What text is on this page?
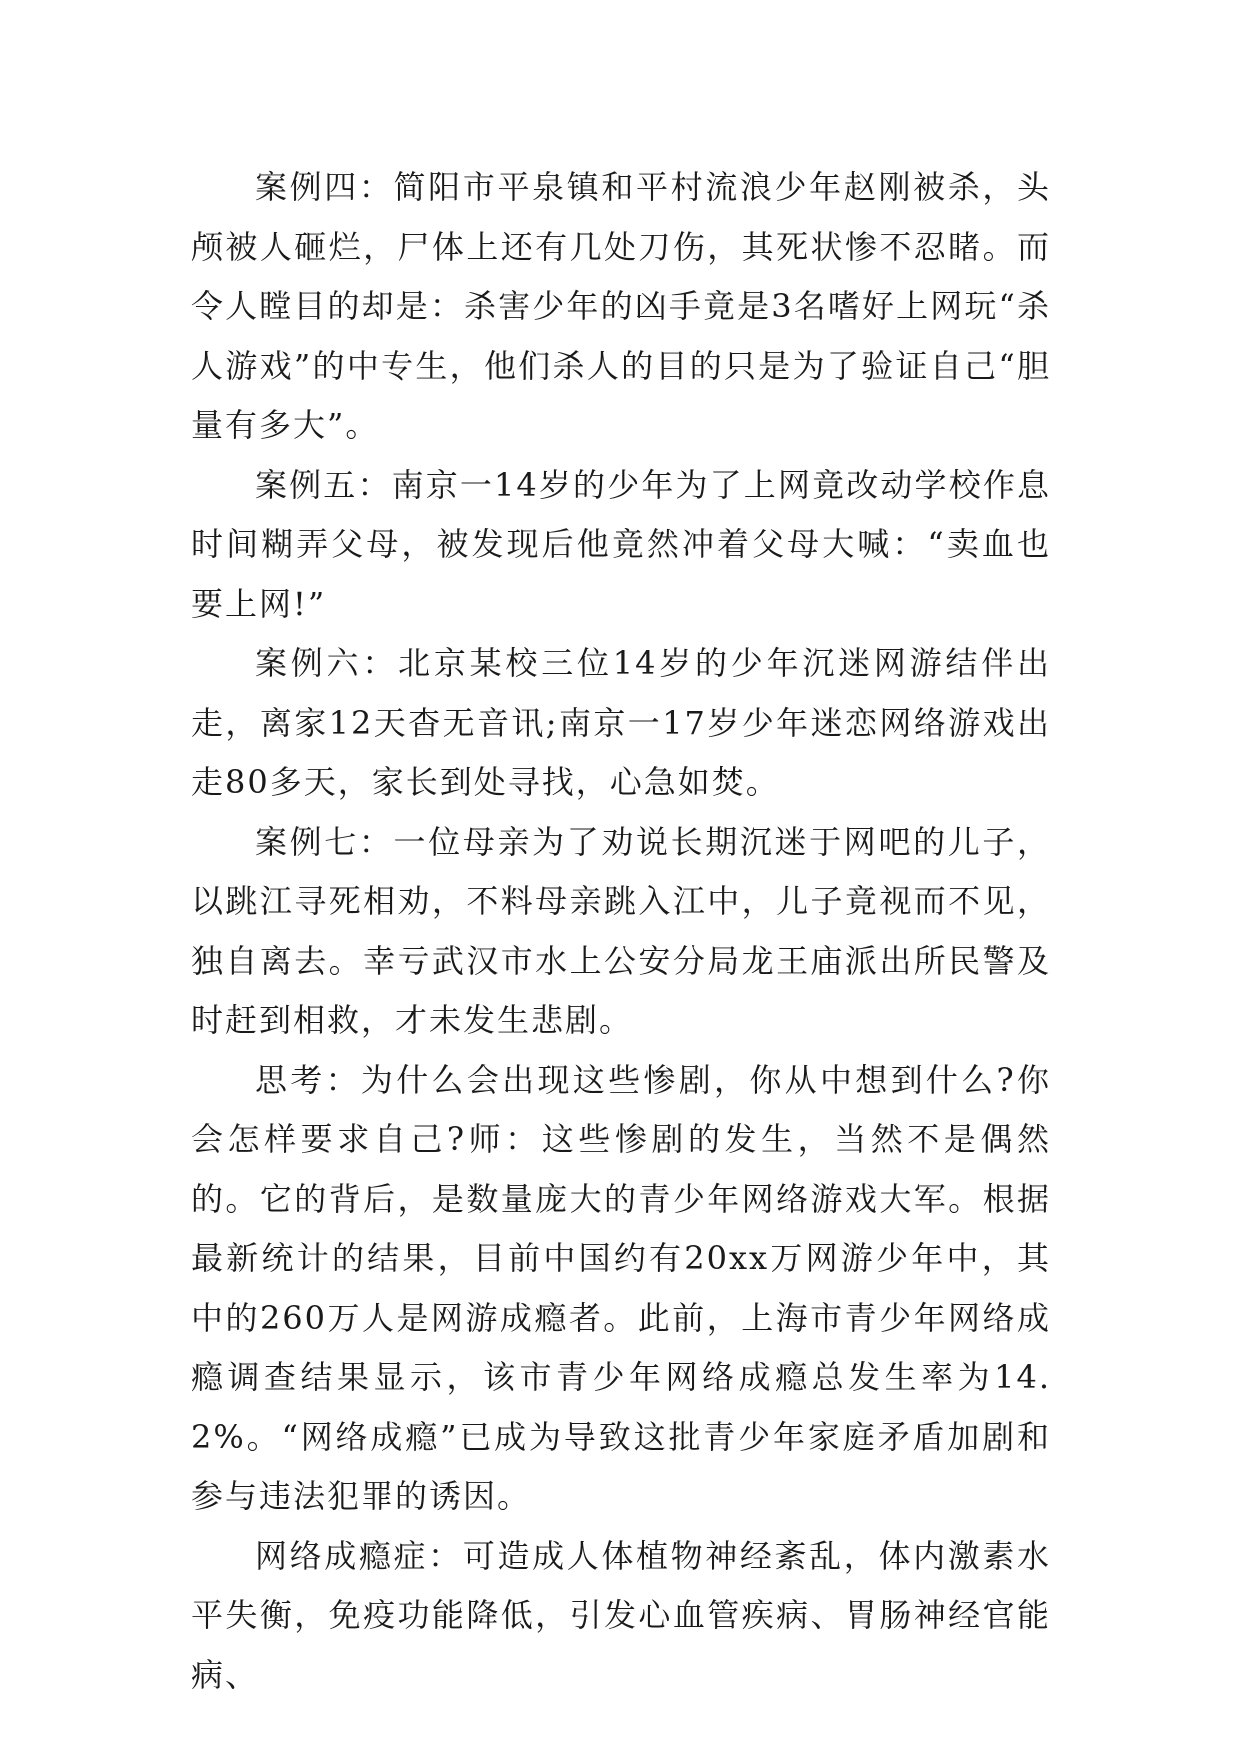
案例四：简阳市平泉镇和平村流浪少年赵刚被杀，头颅被人砸烂，尸体上还有几处刀伤，其死状惨不忍睹。而令人瞠目的却是：杀害少年的凶手竟是3名嗜好上网玩“杀人游戏”的中专生，他们杀人的目的只是为了验证自己“胆量有多大”。

案例五：南京一14岁的少年为了上网竟改动学校作息时间糊弄父母，被发现后他竟然冲着父母大喊：“卖血也要上网!”

案例六：北京某校三位14岁的少年沉迷网游结伴出走，离家12天杳无音讯;南京一17岁少年迷恋网络游戏出走80多天，家长到处寻找，心急如焚。

案例七：一位母亲为了劝说长期沉迷于网吧的儿子，以跳江寻死相劝，不料母亲跳入江中，儿子竟视而不见，独自离去。幸亏武汉市水上公安分局龙王庙派出所民警及时赶到相救，才未发生悲剧。

思考：为什么会出现这些惨剧，你从中想到什么?你会怎样要求自己?师：这些惨剧的发生，当然不是偶然的。它的背后，是数量庞大的青少年网络游戏大军。根据最新统计的结果，目前中国约有20xx万网游少年中，其中的260万人是网游成瘾者。此前，上海市青少年网络成瘾调查结果显示，该市青少年网络成瘾总发生率为14.2%。“网络成瘾”已成为导致这批青少年家庭矛盾加剧和参与违法犯罪的诱因。

网络成瘾症：可造成人体植物神经紊乱，体内激素水平失衡，免疫功能降低，引发心血管疾病、胃肠神经官能病、
